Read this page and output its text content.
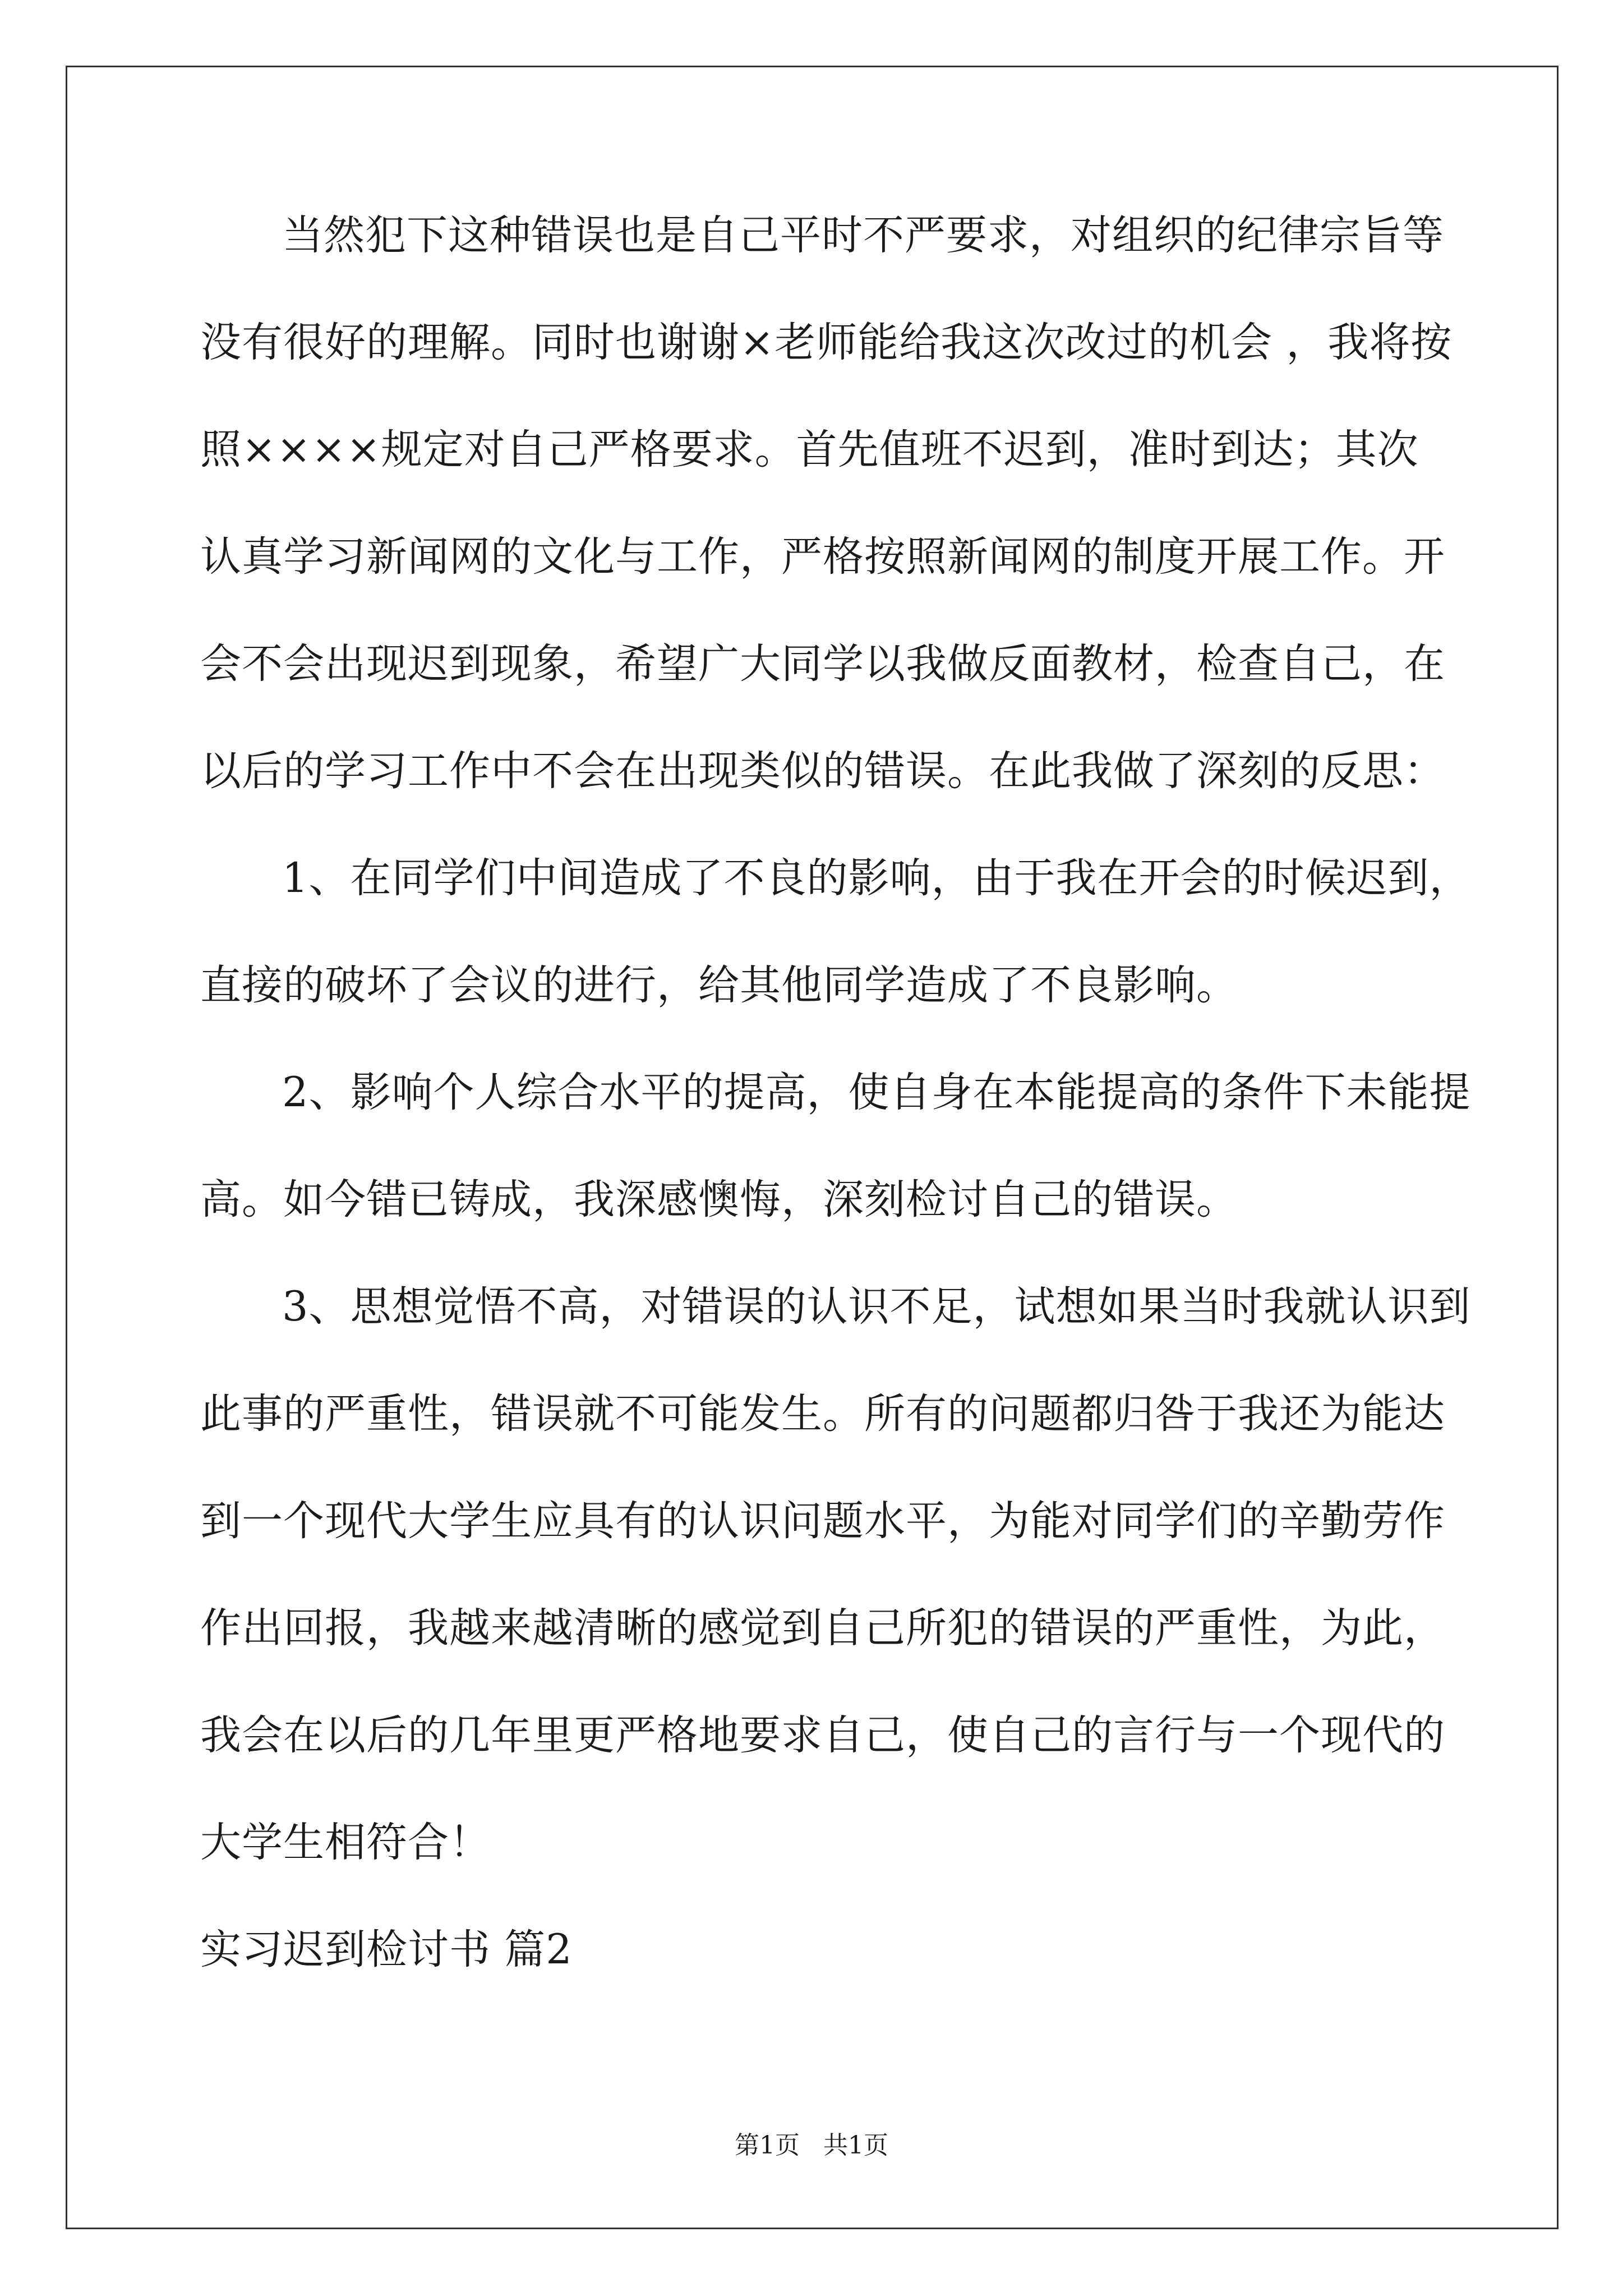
当然犯下这种错误也是自己平时不严要求，对组织的纪律宗旨等
没有很好的理解。同时也谢谢×老师能给我这次改过的机会 ，我将按
照××××规定对自己严格要求。首先值班不迟到，准时到达；其次
认真学习新闻网的文化与工作，严格按照新闻网的制度开展工作。开
会不会出现迟到现象，希望广大同学以我做反面教材，检查自己，在
以后的学习工作中不会在出现类似的错误。在此我做了深刻的反思：
1、在同学们中间造成了不良的影响，由于我在开会的时候迟到，
直接的破坏了会议的进行，给其他同学造成了不良影响。
2、影响个人综合水平的提高，使自身在本能提高的条件下未能提
高。如今错已铸成，我深感懊悔，深刻检讨自己的错误。
3、思想觉悟不高，对错误的认识不足，试想如果当时我就认识到
此事的严重性，错误就不可能发生。所有的问题都归咎于我还为能达
到一个现代大学生应具有的认识问题水平，为能对同学们的辛勤劳作
作出回报，我越来越清晰的感觉到自己所犯的错误的严重性，为此，
我会在以后的几年里更严格地要求自己，使自己的言行与一个现代的
大学生相符合！
实习迟到检讨书 篇2
第1页   共1页
